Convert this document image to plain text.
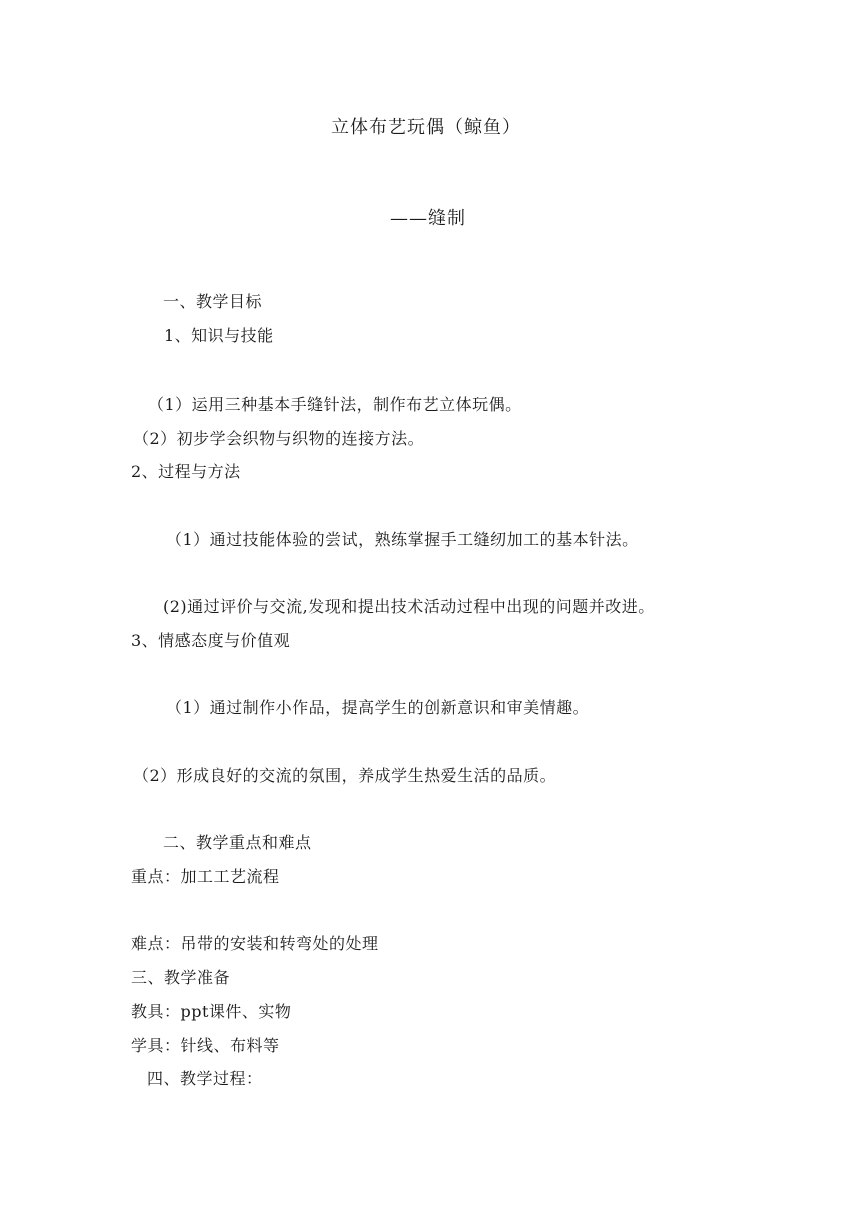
立体布艺玩偶（鲸鱼）
——缝制
一、教学目标
1、知识与技能
（1）运用三种基本手缝针法，制作布艺立体玩偶。
（2）初步学会织物与织物的连接方法。
2、过程与方法
（1）通过技能体验的尝试，熟练掌握手工缝纫加工的基本针法。
(2)通过评价与交流,发现和提出技术活动过程中出现的问题并改进。
3、情感态度与价值观
（1）通过制作小作品，提高学生的创新意识和审美情趣。
（2）形成良好的交流的氛围，养成学生热爱生活的品质。
二、教学重点和难点
重点：加工工艺流程
难点：吊带的安装和转弯处的处理
三、教学准备
教具：ppt课件、实物
学具：针线、布料等
四、教学过程：
